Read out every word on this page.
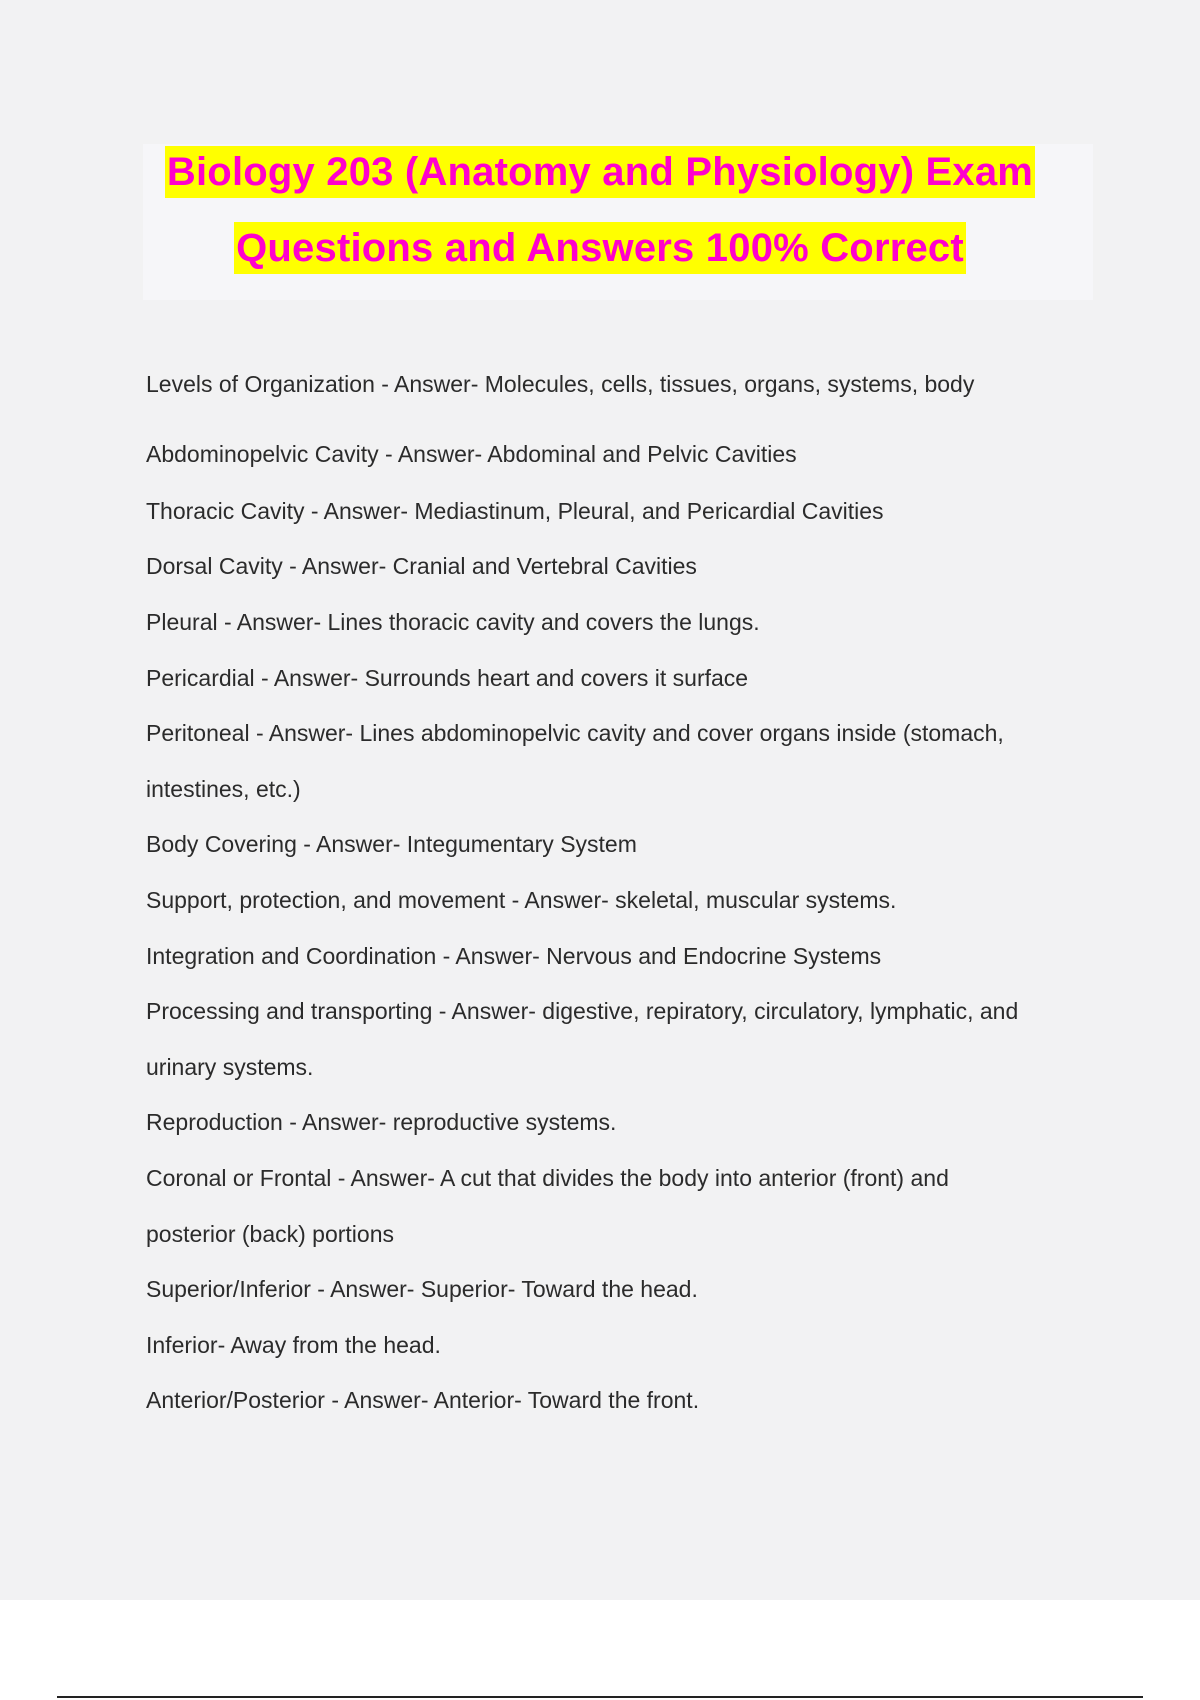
Biology 203 (Anatomy and Physiology) Exam
Questions and Answers 100% Correct
Levels of Organization - Answer- Molecules, cells, tissues, organs, systems, body
Abdominopelvic Cavity - Answer- Abdominal and Pelvic Cavities
Thoracic Cavity - Answer- Mediastinum, Pleural, and Pericardial Cavities
Dorsal Cavity - Answer- Cranial and Vertebral Cavities
Pleural - Answer- Lines thoracic cavity and covers the lungs.
Pericardial - Answer- Surrounds heart and covers it surface
Peritoneal - Answer- Lines abdominopelvic cavity and cover organs inside (stomach,
intestines, etc.)
Body Covering - Answer- Integumentary System
Support, protection, and movement - Answer- skeletal, muscular systems.
Integration and Coordination - Answer- Nervous and Endocrine Systems
Processing and transporting - Answer- digestive, repiratory, circulatory, lymphatic, and
urinary systems.
Reproduction - Answer- reproductive systems.
Coronal or Frontal - Answer- A cut that divides the body into anterior (front) and
posterior (back) portions
Superior/Inferior - Answer- Superior- Toward the head.
Inferior- Away from the head.
Anterior/Posterior - Answer- Anterior- Toward the front.
